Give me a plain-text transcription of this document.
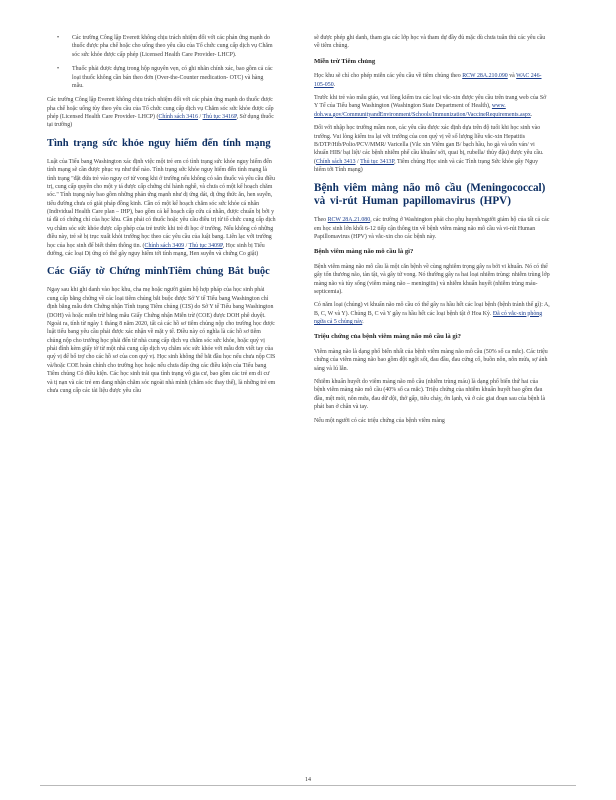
• Các trường Công lập Everett không chịu trách nhiệm đối với các phản ứng mạnh do thuốc được pha chế hoặc cho uống theo yêu cầu của Tổ chức cung cấp dịch vụ Chăm sóc sức khỏe được cấp phép (Licensed Health Care Provider- LHCP).
• Thuốc phải được dựng trong hộp nguyên vẹn, có ghi nhãn chính xác, bao gồm cả các loại thuốc không cần bán theo đơn (Over-the-Counter medication- OTC) và hàng mẫu.

Các trường Công lập Everett không chịu trách nhiệm đối với các phản ứng mạnh do thuốc được pha chế hoặc uống tùy theo yêu cầu của Tổ chức cung cấp dịch vụ Chăm sóc sức khỏe được cấp phép (Licensed Health Care Provider- LHCP) (Chính sách 3416 / Thủ tục 3416P, Sử dụng thuốc tại trường)

Tình trạng sức khỏe nguy hiểm đến tính mạng

Luật của Tiểu bang Washington xác định việc một trẻ em có tình trạng sức khỏe nguy hiểm đến tính mạng sẽ cần được phục vụ như thế nào. Tình trạng sức khỏe nguy hiểm đến tính mạng là tình trạng "đặt đứa trẻ vào nguy cơ tử vong khi ở trường nếu không có sẵn thuốc và yêu cầu điều trị, cung cấp quyền cho một y tá được cấp chứng chỉ hành nghề, và chưa có một kế hoạch chăm sóc." Tình trạng này bao gồm những phản ứng mạnh như dị ứng dát, dị ứng thức ăn, hen suyễn, tiểu đường chưa có giải pháp đồng kinh. Cần có một kế hoạch chăm sóc sức khỏe cá nhân (Individual Health Care plan – IHP), bao gồm cả kế hoạch cấp cứu cá nhân, được chuẩn bị bởi y tá đã có chứng chỉ của học khu. Cần phải có thuốc hoặc yêu cầu điều trị từ tổ chức cung cấp dịch vụ chăm sóc sức khỏe được cấp phép của trẻ trước khi trẻ đi học ở trường. Nếu không có những điều này, trẻ sẽ bị trục xuất khỏi trường học theo các yêu cầu của luật bang. Liên lạc với trường học của học sinh để biết thêm thông tin. (Chính sách 3409 / Thủ tục 3409P, Học sinh bị Tiểu đường, các loại Dị ứng có thể gây nguy hiểm tới tính mạng, Hen suyễn và chứng Co giật)

Các Giấy tờ Chứng minhTiêm chủng Bắt buộc

Ngay sau khi ghi danh vào học khu, cha mẹ hoặc người giám hộ hợp pháp của học sinh phải cung cấp bằng chứng về các loại tiêm chủng bắt buộc được Sở Y tế Tiểu bang Washington chỉ định bằng mẫu đơn Chứng nhận Tình trạng Tiêm chủng (CIS) do Sở Y tế Tiểu bang Washington (DOH) và hoặc miễn trừ bằng mẫu Giấy Chứng nhận Miễn trừ (COE) được DOH phê duyệt. Ngoài ra, tính từ ngày 1 tháng 8 năm 2020, tất cả các hồ sơ tiêm chủng nộp cho trường học được luật tiểu bang yêu cầu phải được xác nhận về mặt y tế. Điều này có nghĩa là các hồ sơ tiêm chủng nộp cho trường học phải đến từ nhà cung cấp dịch vụ chăm sóc sức khỏe, hoặc quý vị phải đính kèm giấy tờ từ một nhà cung cấp dịch vụ chăm sóc sức khỏe với mẫu đơn viết tay của quý vị để bổ trợ cho các hồ sơ của con quý vị. Học sinh không thể bắt đầu học nếu chưa nộp CIS và/hoặc COE hoàn chỉnh cho trường học hoặc nếu chưa đáp ứng các điều kiện của Tiểu bang Tiêm chủng Có điều kiện. Các học sinh trái qua tình trạng vô gia cư, bao gồm các trẻ em di cư và tị nạn và các trẻ em đang nhận chăm sóc ngoài nhà mình (chăm sóc thay thế), là những trẻ em chưa cung cấp các tài liệu được yêu cầu

sẽ được phép ghi danh, tham gia các lớp học và tham dự đầy đủ mặc dù chưa tuân thủ các yêu cầu về tiêm chủng.

Miễn trừ Tiêm chủng

Học khu sẽ chỉ cho phép miễn các yêu cầu về tiêm chủng theo RCW 28A.210.090 và WAC 246-105-050.

Trước khi trẻ vào mẫu giáo, vui lòng kiểm tra các loại vắc-xin được yêu cầu trên trang web của Sở Y Tế của Tiểu bang Washington (Washington State Department of Health), www. doh.wa.gov/CommunityandEnvironment/Schools/Immunization/VaccineRequirements.aspx.

Đối với nhập học trường mầm non, các yêu cầu được xác định dựa trên độ tuổi khi học sinh vào trường. Vui lòng kiểm tra lại với trường của con quý vị về số lượng liều vắc-xin Hepatitis B/DTP/Hib/Polio/PCV/MMR/ Varicella (Vắc xin Viêm gan B/ bạch hầu, ho gà và uốn ván/ vi khuẩn HIB/ bại liệt/ các bệnh nhiễm phế cầu khuẩn/ sởi, quai bị, rubella/ thủy đậu) được yêu cầu. (Chính sách 3413 / Thủ tục 3413P, Tiêm chủng Học sinh và các Tình trạng Sức khỏe gây Nguy hiểm tới Tính mạng)

Bệnh viêm màng não mô cầu (Meningococcal) và vi-rút Human papillomavirus (HPV)

Theo RCW 28A.21.080, các trường ở Washington phải cho phụ huynh/người giám hộ của tất cả các em học sinh lớn khối 6-12 tiếp cận thông tin về bệnh viêm màng não mô cầu và vi-rút Human Papillomavirus (HPV) và vắc-xin cho các bệnh này.

Bệnh viêm màng não mô cầu là gì?

Bệnh viêm màng não mô cầu là một căn bệnh về cùng nghiêm trọng gây ra bởi vi khuẩn. Nó có thể gây tổn thương não, tàn tật, và gây tử vong. Nó thường gây ra hai loại nhiễm trùng: nhiễm trùng lớp màng não và tủy sống (viêm màng não – meningitis) và nhiễm khuẩn huyết (nhiễm trùng máu- septicemia).

Có năm loại (chủng) vi khuẩn não mô cầu có thể gây ra hầu hết các loại bệnh (bệnh tránh thể gì): A, B, C, W và Y). Chủng B, C và Y gây ra hầu hết các loại bệnh tật ở Hoa Kỳ. Đã có vắc-xin phòng ngừa cả 5 chủng này.

Triệu chứng của bệnh viêm màng não mô cầu là gì?

Viêm màng não là dạng phổ biến nhất của bệnh viêm màng não mô cầu (50% số ca mắc). Các triệu chứng của viêm màng não bao gồm đột ngột sốt, đau đầu, đau cứng cổ, buồn nôn, nôn mửa, sợ ánh sáng và lú lẫn.

Nhiễm khuẩn huyết do viêm màng não mô cầu (nhiễm trùng máu) là dạng phổ biến thứ hai của bệnh viêm màng não mô cầu (40% số ca mắc). Triệu chứng của nhiễm khuẩn huyết bao gồm đau đầu, mệt mỏi, nôn mửa, đau dữ dội, thở gấp, tiêu chảy, ớn lạnh, và ở các giai đoạn sau của bệnh là phát ban ở chân và tay.

Nếu một người có các triệu chứng của bệnh viêm màng

14
